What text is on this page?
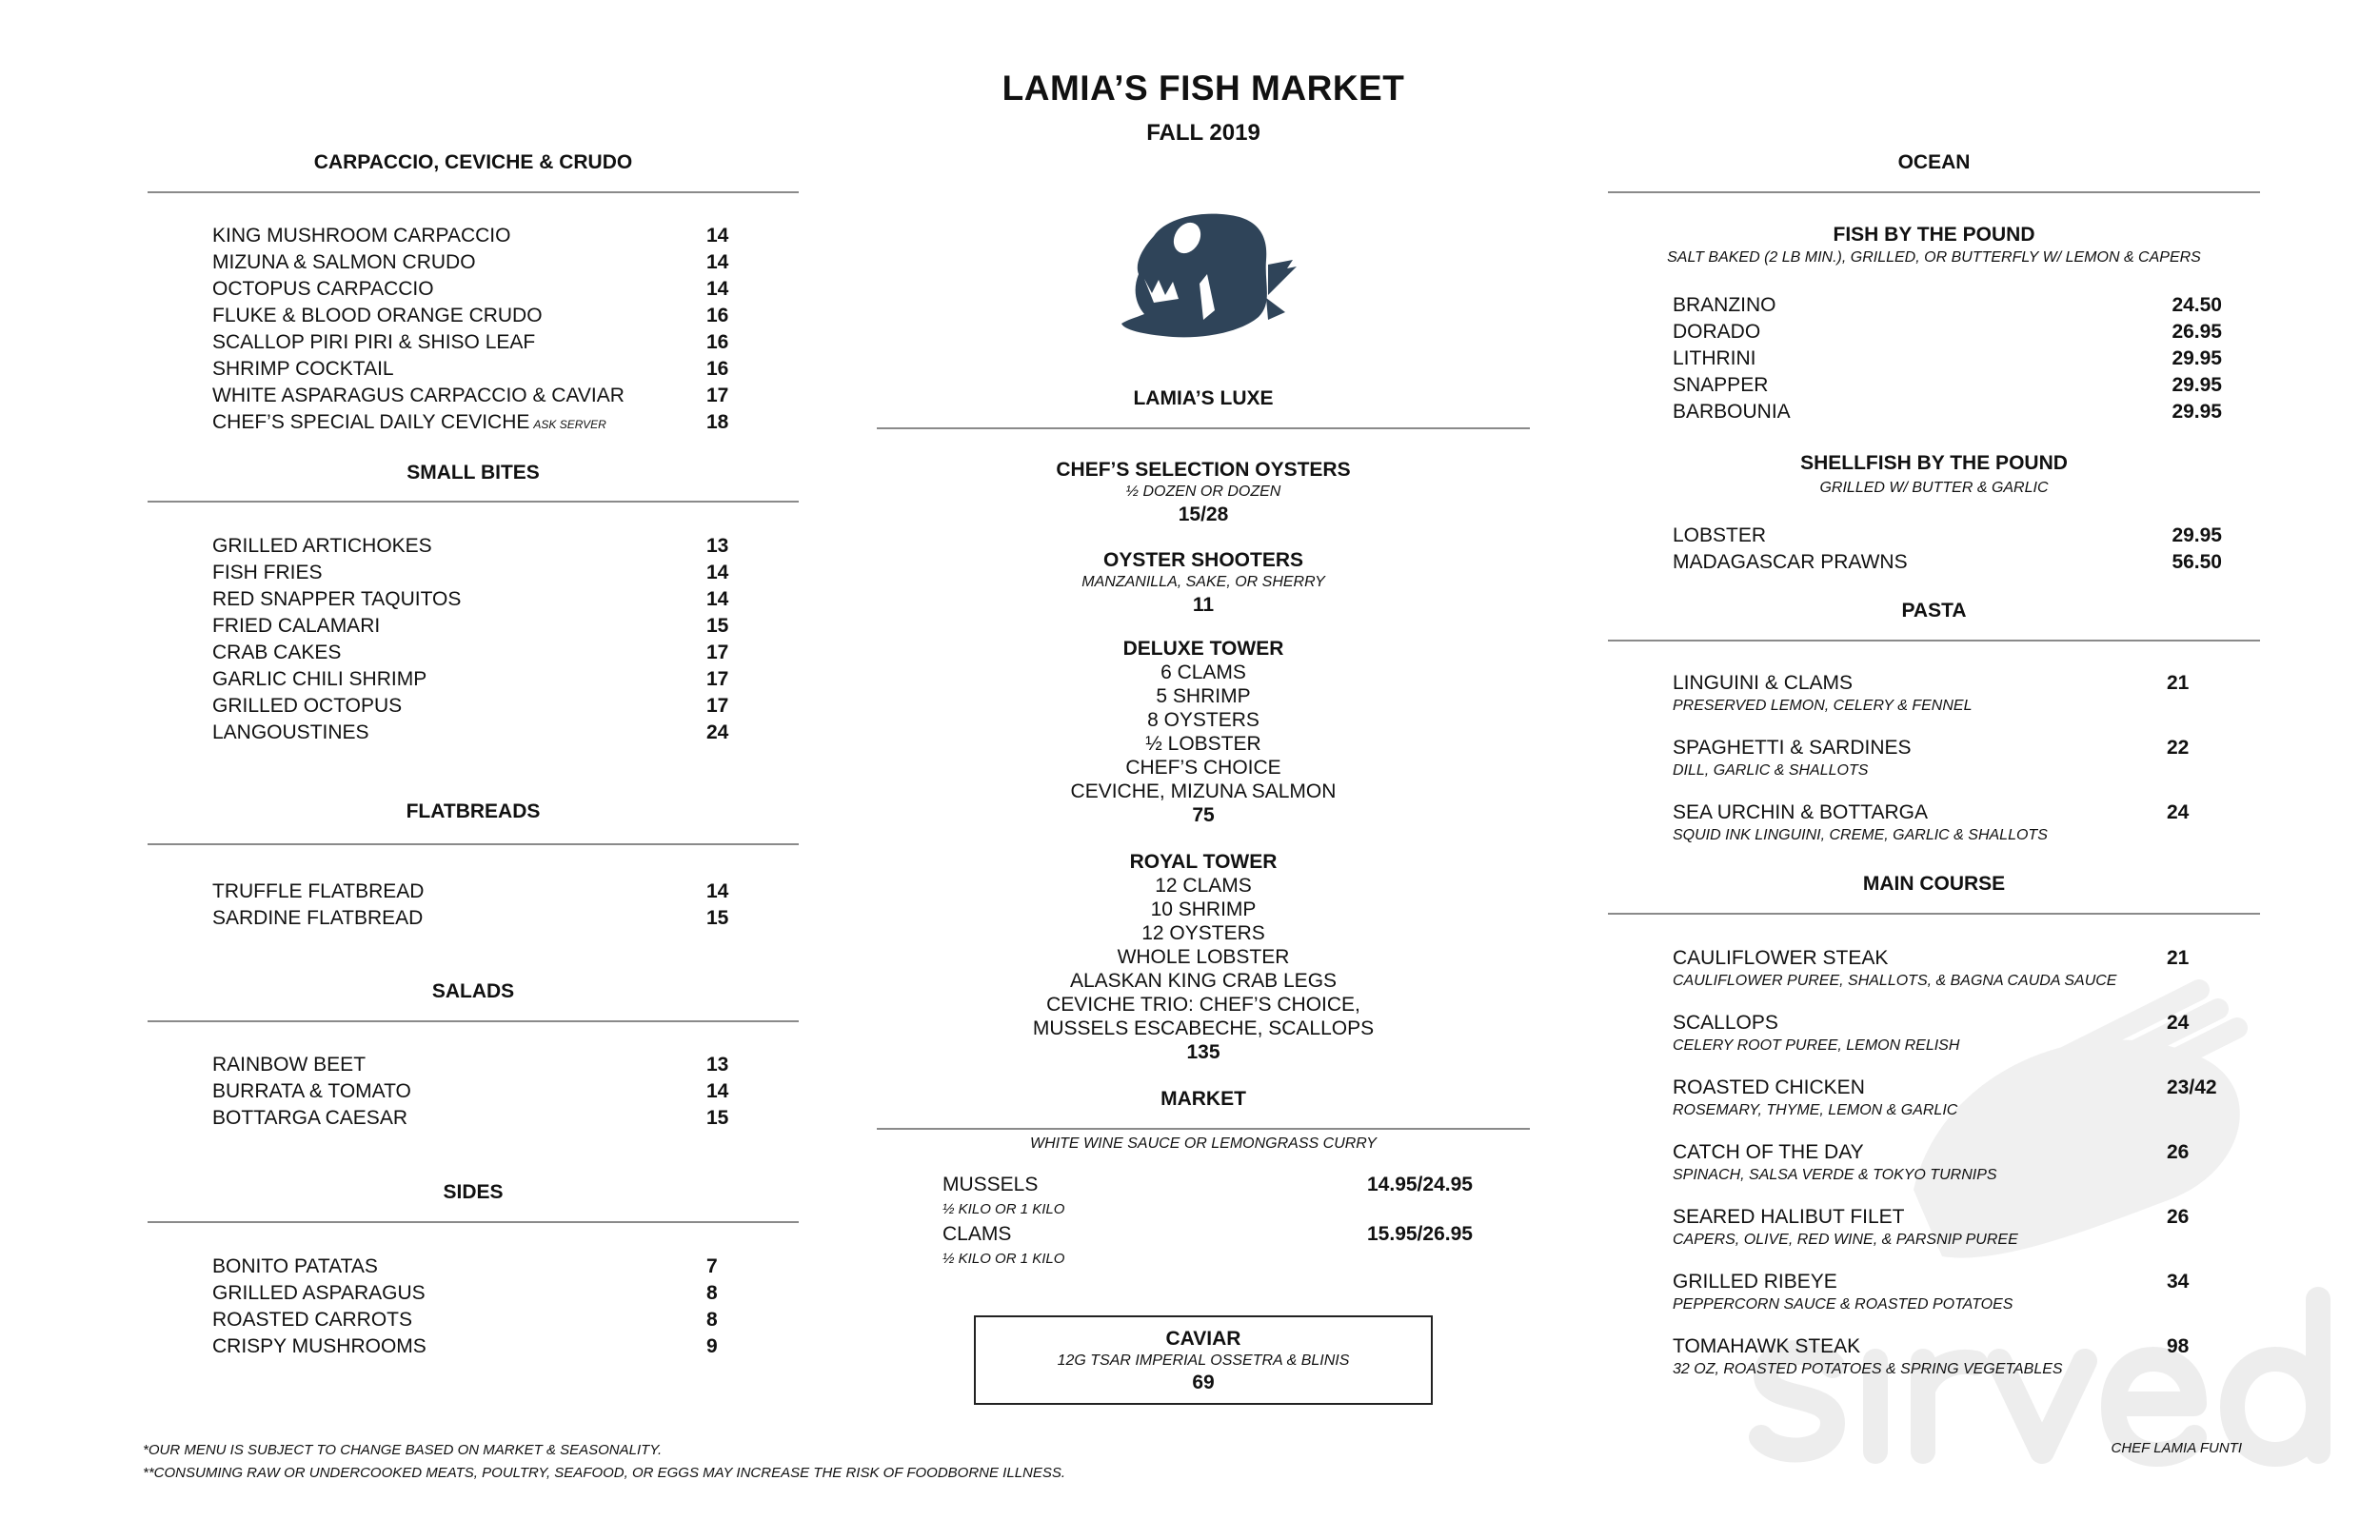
LAMIA’S FISH MARKET
FALL 2019
CARPACCIO, CEVICHE & CRUDO
KING MUSHROOM CARPACCIO	14
MIZUNA & SALMON CRUDO	14
OCTOPUS CARPACCIO	14
FLUKE & BLOOD ORANGE CRUDO	16
SCALLOP PIRI PIRI & SHISO LEAF	16
SHRIMP COCKTAIL	16
WHITE ASPARAGUS CARPACCIO & CAVIAR	17
CHEF’S SPECIAL DAILY CEVICHE ASK SERVER	18
SMALL BITES
GRILLED ARTICHOKES	13
FISH FRIES	14
RED SNAPPER TAQUITOS	14
FRIED CALAMARI	15
CRAB CAKES	17
GARLIC CHILI SHRIMP	17
GRILLED OCTOPUS	17
LANGOUSTINES	24
FLATBREADS
TRUFFLE FLATBREAD	14
SARDINE FLATBREAD	15
SALADS
RAINBOW BEET	13
BURRATA & TOMATO	14
BOTTARGA CAESAR	15
SIDES
BONITO PATATAS	7
GRILLED ASPARAGUS	8
ROASTED CARROTS	8
CRISPY MUSHROOMS	9
LAMIA’S LUXE
CHEF’S SELECTION OYSTERS
½ DOZEN OR DOZEN
15/28
OYSTER SHOOTERS
MANZANILLA, SAKE, OR SHERRY
11
DELUXE TOWER
6 CLAMS
5 SHRIMP
8 OYSTERS
½ LOBSTER
CHEF’S CHOICE
CEVICHE, MIZUNA SALMON
75
ROYAL TOWER
12 CLAMS
10 SHRIMP
12 OYSTERS
WHOLE LOBSTER
ALASKAN KING CRAB LEGS
CEVICHE TRIO: CHEF’S CHOICE,
MUSSELS ESCABECHE, SCALLOPS
135
MARKET
WHITE WINE SAUCE OR LEMONGRASS CURRY
MUSSELS
½ KILO OR 1 KILO
14.95/24.95
CLAMS
½ KILO OR 1 KILO
15.95/26.95
CAVIAR
12G TSAR IMPERIAL OSSETRA & BLINIS
69
OCEAN
FISH BY THE POUND
SALT BAKED (2 LB MIN.), GRILLED, OR BUTTERFLY W/ LEMON & CAPERS
BRANZINO	24.50
DORADO	26.95
LITHRINI	29.95
SNAPPER	29.95
BARBOUNIA	29.95
SHELLFISH BY THE POUND
GRILLED W/ BUTTER & GARLIC
LOBSTER	29.95
MADAGASCAR PRAWNS	56.50
PASTA
LINGUINI & CLAMS
PRESERVED LEMON, CELERY & FENNEL
21
SPAGHETTI & SARDINES
DILL, GARLIC & SHALLOTS
22
SEA URCHIN & BOTTARGA
SQUID INK LINGUINI, CREME, GARLIC & SHALLOTS
24
MAIN COURSE
CAULIFLOWER STEAK
CAULIFLOWER PUREE, SHALLOTS, & BAGNA CAUDA SAUCE
21
SCALLOPS
CELERY ROOT PUREE, LEMON RELISH
24
ROASTED CHICKEN
ROSEMARY, THYME, LEMON & GARLIC
23/42
CATCH OF THE DAY
SPINACH, SALSA VERDE & TOKYO TURNIPS
26
SEARED HALIBUT FILET
CAPERS, OLIVE, RED WINE, & PARSNIP PUREE
26
GRILLED RIBEYE
PEPPERCORN SAUCE & ROASTED POTATOES
34
TOMAHAWK STEAK
32 OZ, ROASTED POTATOES & SPRING VEGETABLES
98
*OUR MENU IS SUBJECT TO CHANGE BASED ON MARKET & SEASONALITY.
**CONSUMING RAW OR UNDERCOOKED MEATS, POULTRY, SEAFOOD, OR EGGS MAY INCREASE THE RISK OF FOODBORNE ILLNESS.
CHEF LAMIA FUNTI
